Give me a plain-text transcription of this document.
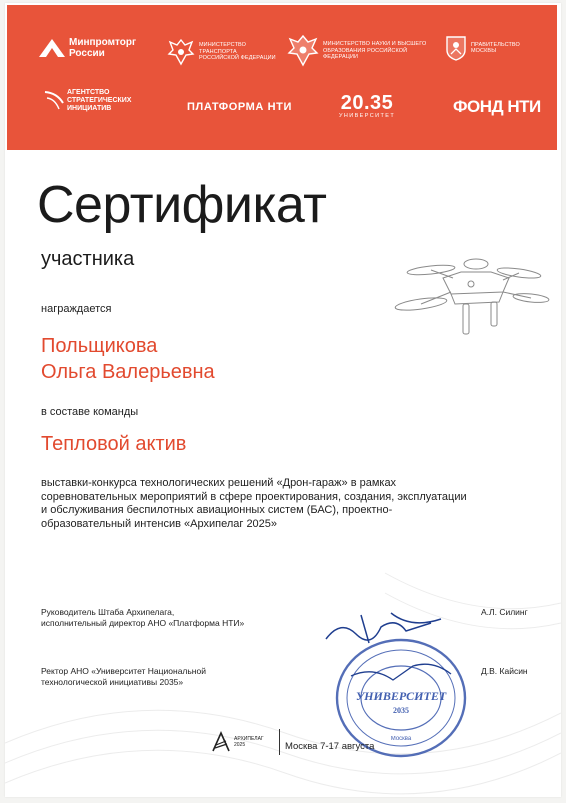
Минпромторг России
МИНИСТЕРСТВО ТРАНСПОРТА РОССИЙСКОЙ ФЕДЕРАЦИИ
МИНИСТЕРСТВО НАУКИ И ВЫСШЕГО ОБРАЗОВАНИЯ РОССИЙСКОЙ ФЕДЕРАЦИИ
ПРАВИТЕЛЬСТВО МОСКВЫ
АГЕНТСТВО СТРАТЕГИЧЕСКИХ ИНИЦИАТИВ	ПЛАТФОРМА НТИ 20.35
УНИВЕРСИТЕТ	ФОНД НТИ
Сертификат
участника
награждается
Польщикова
Ольга Валерьевна
в составе команды
Тепловой актив
выставки-конкурса технологических решений «Дрон-гараж» в рамках соревновательных мероприятий в сфере проектирования, создания, эксплуатации и обслуживания беспилотных авиационных систем (БАС), проектно-образовательный интенсив «Архипелаг 2025»
Руководитель Штаба Архипелага,
исполнительный директор АНО «Платформа НТИ»
А.Л. Силинг
Ректор АНО «Университет Национальной
технологической инициативы 2035»
Д.В. Кайсин
УНИВЕРСИТЕТ
2035
Москва
АРХИПЕЛАГ
2025	Москва 7-17 августа
